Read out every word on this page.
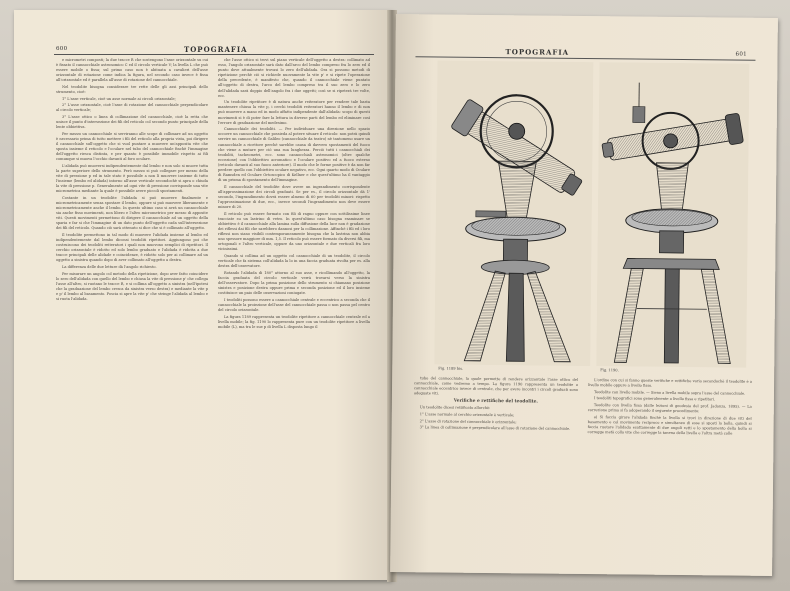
600	TOPOGRAFIA

e micrometri composti; la due tracce R che sostengono l'asse orizzontale su cui è fissato il cannocchiale astronomico C ed il circolo verticale V; la livella L che può essere mobile o fissa; sul primo caso non è abituata a cavalieri dell'asse orizzontale di rotazione come indica la figura, nel secondo caso invece è fissa all'orizzontale ed è parallela all'asse di rotazione del cannocchiale.

Nel teodolite bisogna considerare tre rette delle gli assi principali dello strumento, cioè:

1° L'asse verticale, cioè un asse normale ai circoli orizzontale;

2° L'asse orizzontale, cioè l'asse di rotazione del cannocchiale perpendicolare al circolo verticale;

3° L'asse ottico o linea di collimazione del cannocchiale, cioè la retta che unisce il punto d'intersezione dei fili del reticolo col secondo punto principale della lente obbiettiva.

Per mezzo un cannocchiale si serviranno alle scope di collimare ad un oggetto è necessario prima di tutto mettere i fili del reticolo alla propria vista, poi dirigere il cannocchiale sull'oggetto che si vuol puntare a muovere un'apposita vite che sposta insieme il reticolo e l'oculare nel tubo del cannocchiale finchè l'immagine dell'oggetto riesca distinta, e per quanto è possibile immobile rispetto ai fili comunque si muova l'occhio davanti al foro oculare.

L'alidada può muoversi indipendentemente dal lembo e non solo si muove tutta la parte superiore dello strumento. Però mezzo si può collegare per mezzo della vite di pressione p ed in tale stato è possibile a non lì muovere insieme di tutto l'insieme (lembo ed alidada) intorno all'asse verticale secondochè si apra o chiuda la vite di pressione p. Generalmente ad ogni vite di pressione corrisponde una vite micrometrica mediante la quale è possibile avere piccoli spostamenti.

Costante in un teodolite l'alidada si può muovere finalmente e micrometricamente senza spostare il lembo, oppure si può muovere liberamente e micrometricamente anche il lembo. In questo ultimo caso si avrà un cannocchiale sia anche fisso movimenti, non libero e l'altro micrometrico per mezzo di apposite viti. Questi movimenti permettono di dirigere il cannocchiale ad un oggetto della sparia e far si che l'immagine di un dato punto dell'oggetto cada sull'intersezione dei fili del reticolo. Quando ciò sarà ottenuto si dice che si è collimato all'oggetto.

Il teodolite permettono in tal modo di muovere l'alidada insieme al lembo ed indipendentemente dal lembo diconsi teodoliti ripetitori. Aggiungono poi che costruiscono dei teodoliti reiteratori i quali non muovono semplici di ripetitori. Il cerchio orizzontale è ridotto ed solo lembo graduato e l'alidada è ridotta a due tracce principali delle alidade e coincidenze, è ridotto solo per ai collimare ad un oggetto a sinistra quando dopo di aver collimato all'oggetto a destra.

La differenza delle due letture dà l'angolo richiesto.

Per misurare un angolo col metodo della ripetizione, dopo aver fatto coincidere lo zero dell'alidada con quello del lembo e chiusa la vite di pressione p' che collega l'asse all'altro, si ruotano le tracce R, e si collima all'oggetto a sinistra (nell'ipotesi che la graduazione del lembo cresca da sinistra verso destra) e mediante la vite p e p' il lembo al basamento. Poscia si apre la vite p' che stringe l'alidada al lembo e si ruota l'alidada.

che l'asse ottico si trovi sul piano verticale dell'oggetto a destra: collimato ad esso, l'angolo orizzontale sarà dato dall'arco del lembo compreso fra lo zero ed il punto dove attualmente trovasi lo zero dell'alidada. Ora si possono metodi di ripetizione perchè ciò si richiede nuovamente la vite p' e si ripete l'operazione della precedente, è manifesto che, quando il cannocchiale viene puntato all'oggetto di destra, l'arco del lembo compreso tra il suo zero e lo zero dell'alidada sarà doppio dell'angolo fra i due oggetti; così se si ripeterà tre volte, ecc.

Un teodolite ripetitore è di natura anche reiteratore per rendere tale basta mantenere chiusa la vite p, i cerchi teodoliti reiteratori hanno il lembo e di non può muovere a mano ed in modo affatto indipendente dall'alidada: scopo di questi movimenti si è di poter fare la lettura in diverse parti del lembo ed eliminare così l'errore di graduazione del medesimo.

Cannocchiale dei teodoliti. — Per individuare una direzione nello spazio occorre un cannocchiale che possieda al potere situare il reticolo: non potrà quindi servire un cannocchiale di Galileo (cannocchiale da teatro) nè tantomeno usare un cannocchiale a ricettore perchè sarebbe causa di davvero spostamenti del fuoco che viene a mutare per ciò una sua lunghezza. Perciò tutti i cannocchiali dei teodoliti, tacheometri, ecc. sono cannocchiali astronomici (oltre qualche eccezione) con l'obbiettivo acromatico e l'oculare positivo ed a fuoco esterno (reticolo davanti al suo fuoco anteriore). Il modo che le forme positive è da non far perdere quello con l'obbiettivo oculare negativo, ecc. Ogni quarto modo di Oculare di Ramsden ed Oculare Ortoscopico di Kellner e che quest'ultimo ha il vantaggio di un prisma di spostamento dell'immagine.

Il cannocchiale del teodolite dove avere un ingrandimento corrispondente all'approssimazione dei circoli graduati. Se per es., il circolo orizzontale dà 1' secondo, l'ingrandimento dovrà essere almeno di 60 per teodoliti minori: rispetto l'approssimazione di due, ecc., invece secondi l'ingrandimento non deve essere minore di 20.

Il reticolo può essere formato con fili di ragno oppure con sottilissime linee tracciate su un lastrino di vetro. In quest'ultimo caso bisogna esaminare se obbiettivo è il cannocchiale alla lamina sulla diffusione della luce non è gradazione dei riflessi dai fili che sarebbero dannosi per la collimazione. Affinchè i fili ed i loro riflessi non siano visibili contemporaneamente bisogna che la lastrina non abbia uno spessore maggiore di mm. 1,5. Il reticolo può essere formato da diversi fili, ma ortogonali e l'altro verticale, oppure da uno orizzontale e due verticali fra loro vicinissimi.

Quando si collima ad un oggetto col cannocchiale di un teodolite, il circolo verticale che fa sistema coll'alidada la lo in una faccia graduata rivolta per es. alla destra dell'osservatore.

Rotando l'alidada di 180° attorno al suo asse, e ricollimando all'oggetto, la faccia graduata del circolo verticale verrà trovarsi verso la sinistra dell'osservatore. Dopo la prima posizione dello strumento si chiamano posizione sinistra e posizione destra oppure prima e seconda posizione ed il loro insieme costituisce un paio delle osservazioni coniugate.

I teodoliti possono essere a cannocchiale centrale e eccentrico a seconda che il cannocchiale la proiezione dell'asse del cannocchiale passa o non passa pel centro del circolo orizzontale.

La figura 1189 rappresenta un teodolite ripetitore a cannocchiale centrale ed a livella mobile; la fig. 1190 lo rappresenta pure con un teodolite ripetitore a livella mobile (L), ma tra le sue p di livella L disposta lungo il

TOPOGRAFIA	601
Fig. 1189 bis.	Fig. 1190.

tubo del cannocchiale, la quale permette di rendere orizzontale l'asse ottico del cannocchiale, come vedremo a tempo. La figura 1190 rappresenta un teodolite a cannocchiale eccentrico invece di centrale, che per avere incontri i circoli graduati sono adeguate viti.

Verifiche e rettifiche del teodolite.

Un teodolite dicesi rettificato allorchè:

1° L'asse normale al cerchio orizzontale è verticale;

2° L'asse di rotazione del cannocchiale è orizzontale;

3° La linea di collimazione è perpendicolare all'asse di rotazione del cannocchiale.

L'ordine con cui si fanno queste verifiche e rettifiche varia secondochè il teodolite è a livello mobile oppure a livello fisso.

Teodolite con livello mobile. — Sieno a livella mobile sopra l'asse del cannocchiale.

I teodoliti topografici sono generalmente a livella fissa e ripetitori.

Teodolite con livella fissa (dalle lezioni di geodesia del prof. Jadanza, 1895). — La correzione prima si fa adoperando il seguente procedimento:

a) Si faccia girare l'alidada finchè la livella si trovi in direzione di due viti del basamento e col movimento reciproco e simultaneo di esse si sposti la bolla, quindi si faccia ruotare l'alidada esattamente di due angoli retti e lo spostamento della bolla si corregge metà colla vite che corregge la tanena della livella e l'altra metà colle
